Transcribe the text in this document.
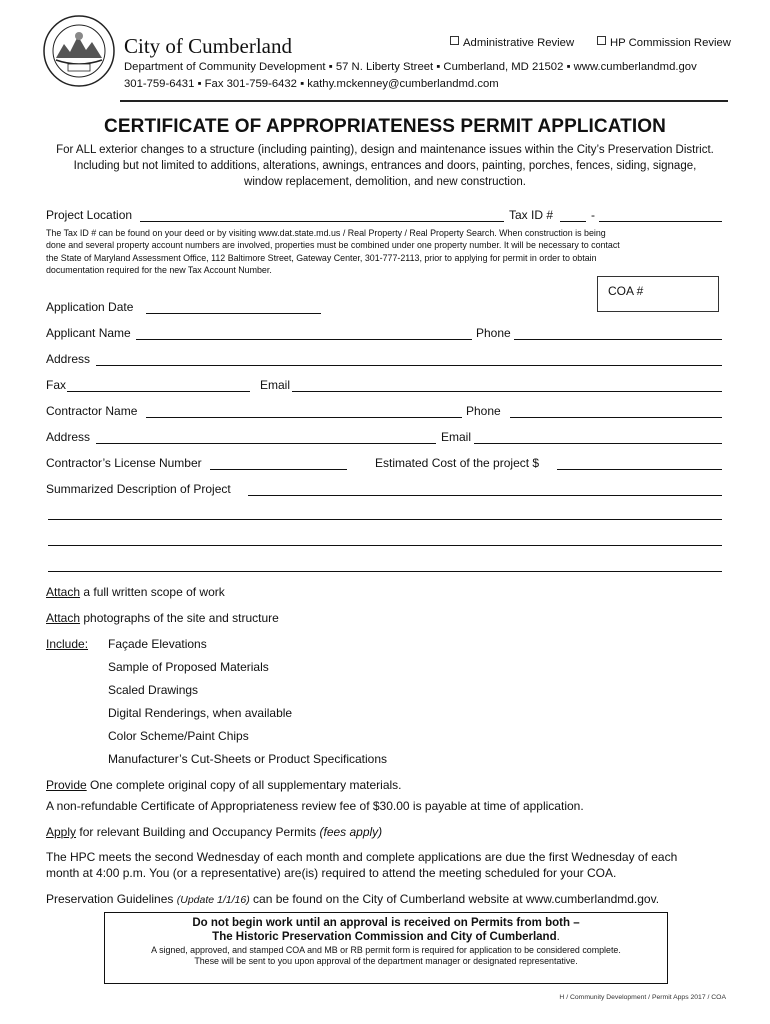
City of Cumberland	Administrative Review	HP Commission Review
Department of Community Development ▪ 57 N. Liberty Street ▪ Cumberland, MD 21502 ▪ www.cumberlandmd.gov
301-759-6431 ▪ Fax 301-759-6432 ▪ kathy.mckenney@cumberlandmd.com
CERTIFICATE OF APPROPRIATENESS PERMIT APPLICATION
For ALL exterior changes to a structure (including painting), design and maintenance issues within the City’s Preservation District.
Including but not limited to additions, alterations, awnings, entrances and doors, painting, porches, fences, siding, signage,
window replacement, demolition, and new construction.
Project Location	Tax ID #	-
The Tax ID # can be found on your deed or by visiting www.dat.state.md.us / Real Property / Real Property Search. When construction is being
done and several property account numbers are involved, properties must be combined under one property number. It will be necessary to contact
the State of Maryland Assessment Office, 112 Baltimore Street, Gateway Center, 301-777-2113, prior to applying for permit in order to obtain
documentation required for the new Tax Account Number.
COA #
Application Date
Applicant Name	Phone
Address
Fax	Email
Contractor Name	Phone
Address	Email
Contractor’s License Number	Estimated Cost of the project $
Summarized Description of Project
Attach a full written scope of work
Attach photographs of the site and structure
Include: Façade Elevations
Sample of Proposed Materials
Scaled Drawings
Digital Renderings, when available
Color Scheme/Paint Chips
Manufacturer’s Cut-Sheets or Product Specifications
Provide One complete original copy of all supplementary materials.
A non-refundable Certificate of Appropriateness review fee of $30.00 is payable at time of application.
Apply for relevant Building and Occupancy Permits (fees apply)
The HPC meets the second Wednesday of each month and complete applications are due the first Wednesday of each
month at 4:00 p.m. You (or a representative) are(is) required to attend the meeting scheduled for your COA.
Preservation Guidelines (Update 1/1/16) can be found on the City of Cumberland website at www.cumberlandmd.gov.
Do not begin work until an approval is received on Permits from both –
The Historic Preservation Commission and City of Cumberland.
A signed, approved, and stamped COA and MB or RB permit form is required for application to be considered complete.
These will be sent to you upon approval of the department manager or designated representative.
H / Community Development / Permit Apps 2017 / COA
